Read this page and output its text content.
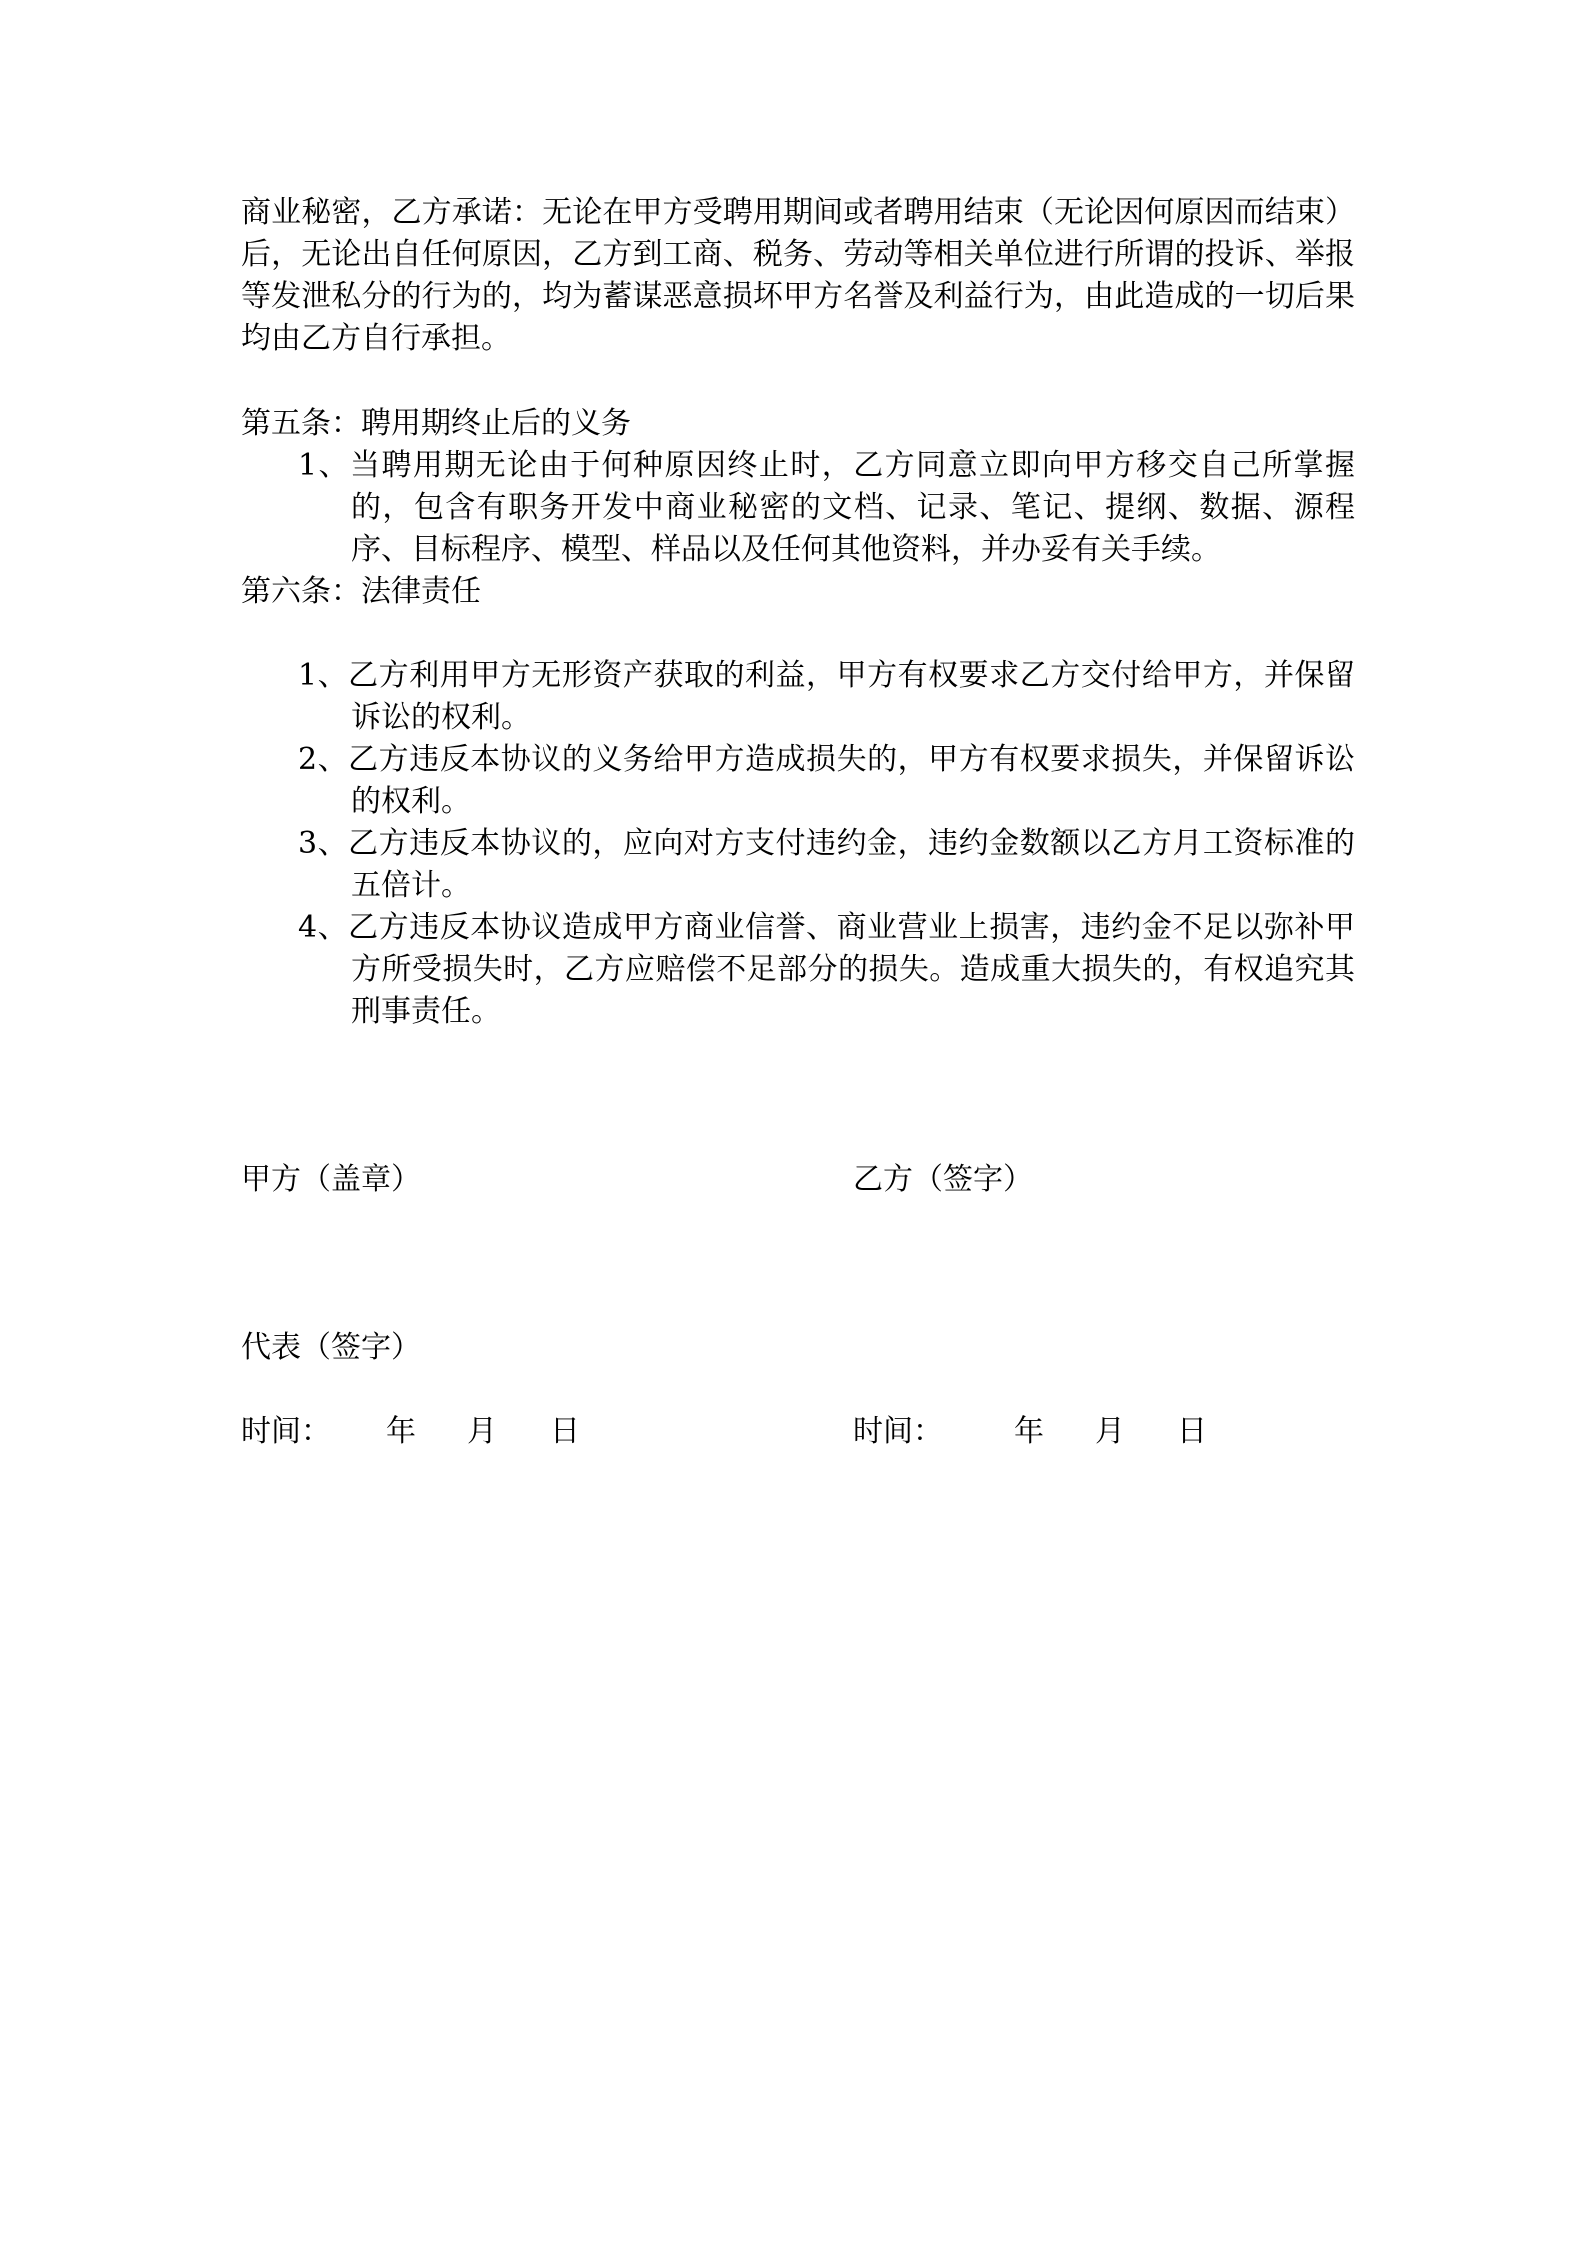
商业秘密，乙方承诺：无论在甲方受聘用期间或者聘用结束（无论因何原因而结束）后，无论出自任何原因，乙方到工商、税务、劳动等相关单位进行所谓的投诉、举报等发泄私分的行为的，均为蓄谋恶意损坏甲方名誉及利益行为，由此造成的一切后果均由乙方自行承担。
第五条：聘用期终止后的义务
1、当聘用期无论由于何种原因终止时，乙方同意立即向甲方移交自己所掌握的，包含有职务开发中商业秘密的文档、记录、笔记、提纲、数据、源程序、目标程序、模型、样品以及任何其他资料，并办妥有关手续。
第六条：法律责任
1、乙方利用甲方无形资产获取的利益，甲方有权要求乙方交付给甲方，并保留诉讼的权利。
2、乙方违反本协议的义务给甲方造成损失的，甲方有权要求损失，并保留诉讼的权利。
3、乙方违反本协议的，应向对方支付违约金，违约金数额以乙方月工资标准的五倍计。
4、乙方违反本协议造成甲方商业信誉、商业营业上损害，违约金不足以弥补甲方所受损失时，乙方应赔偿不足部分的损失。造成重大损失的，有权追究其刑事责任。
甲方（盖章）	乙方（签字）
代表（签字）
时间： 年 月 日	时间： 年 月 日
